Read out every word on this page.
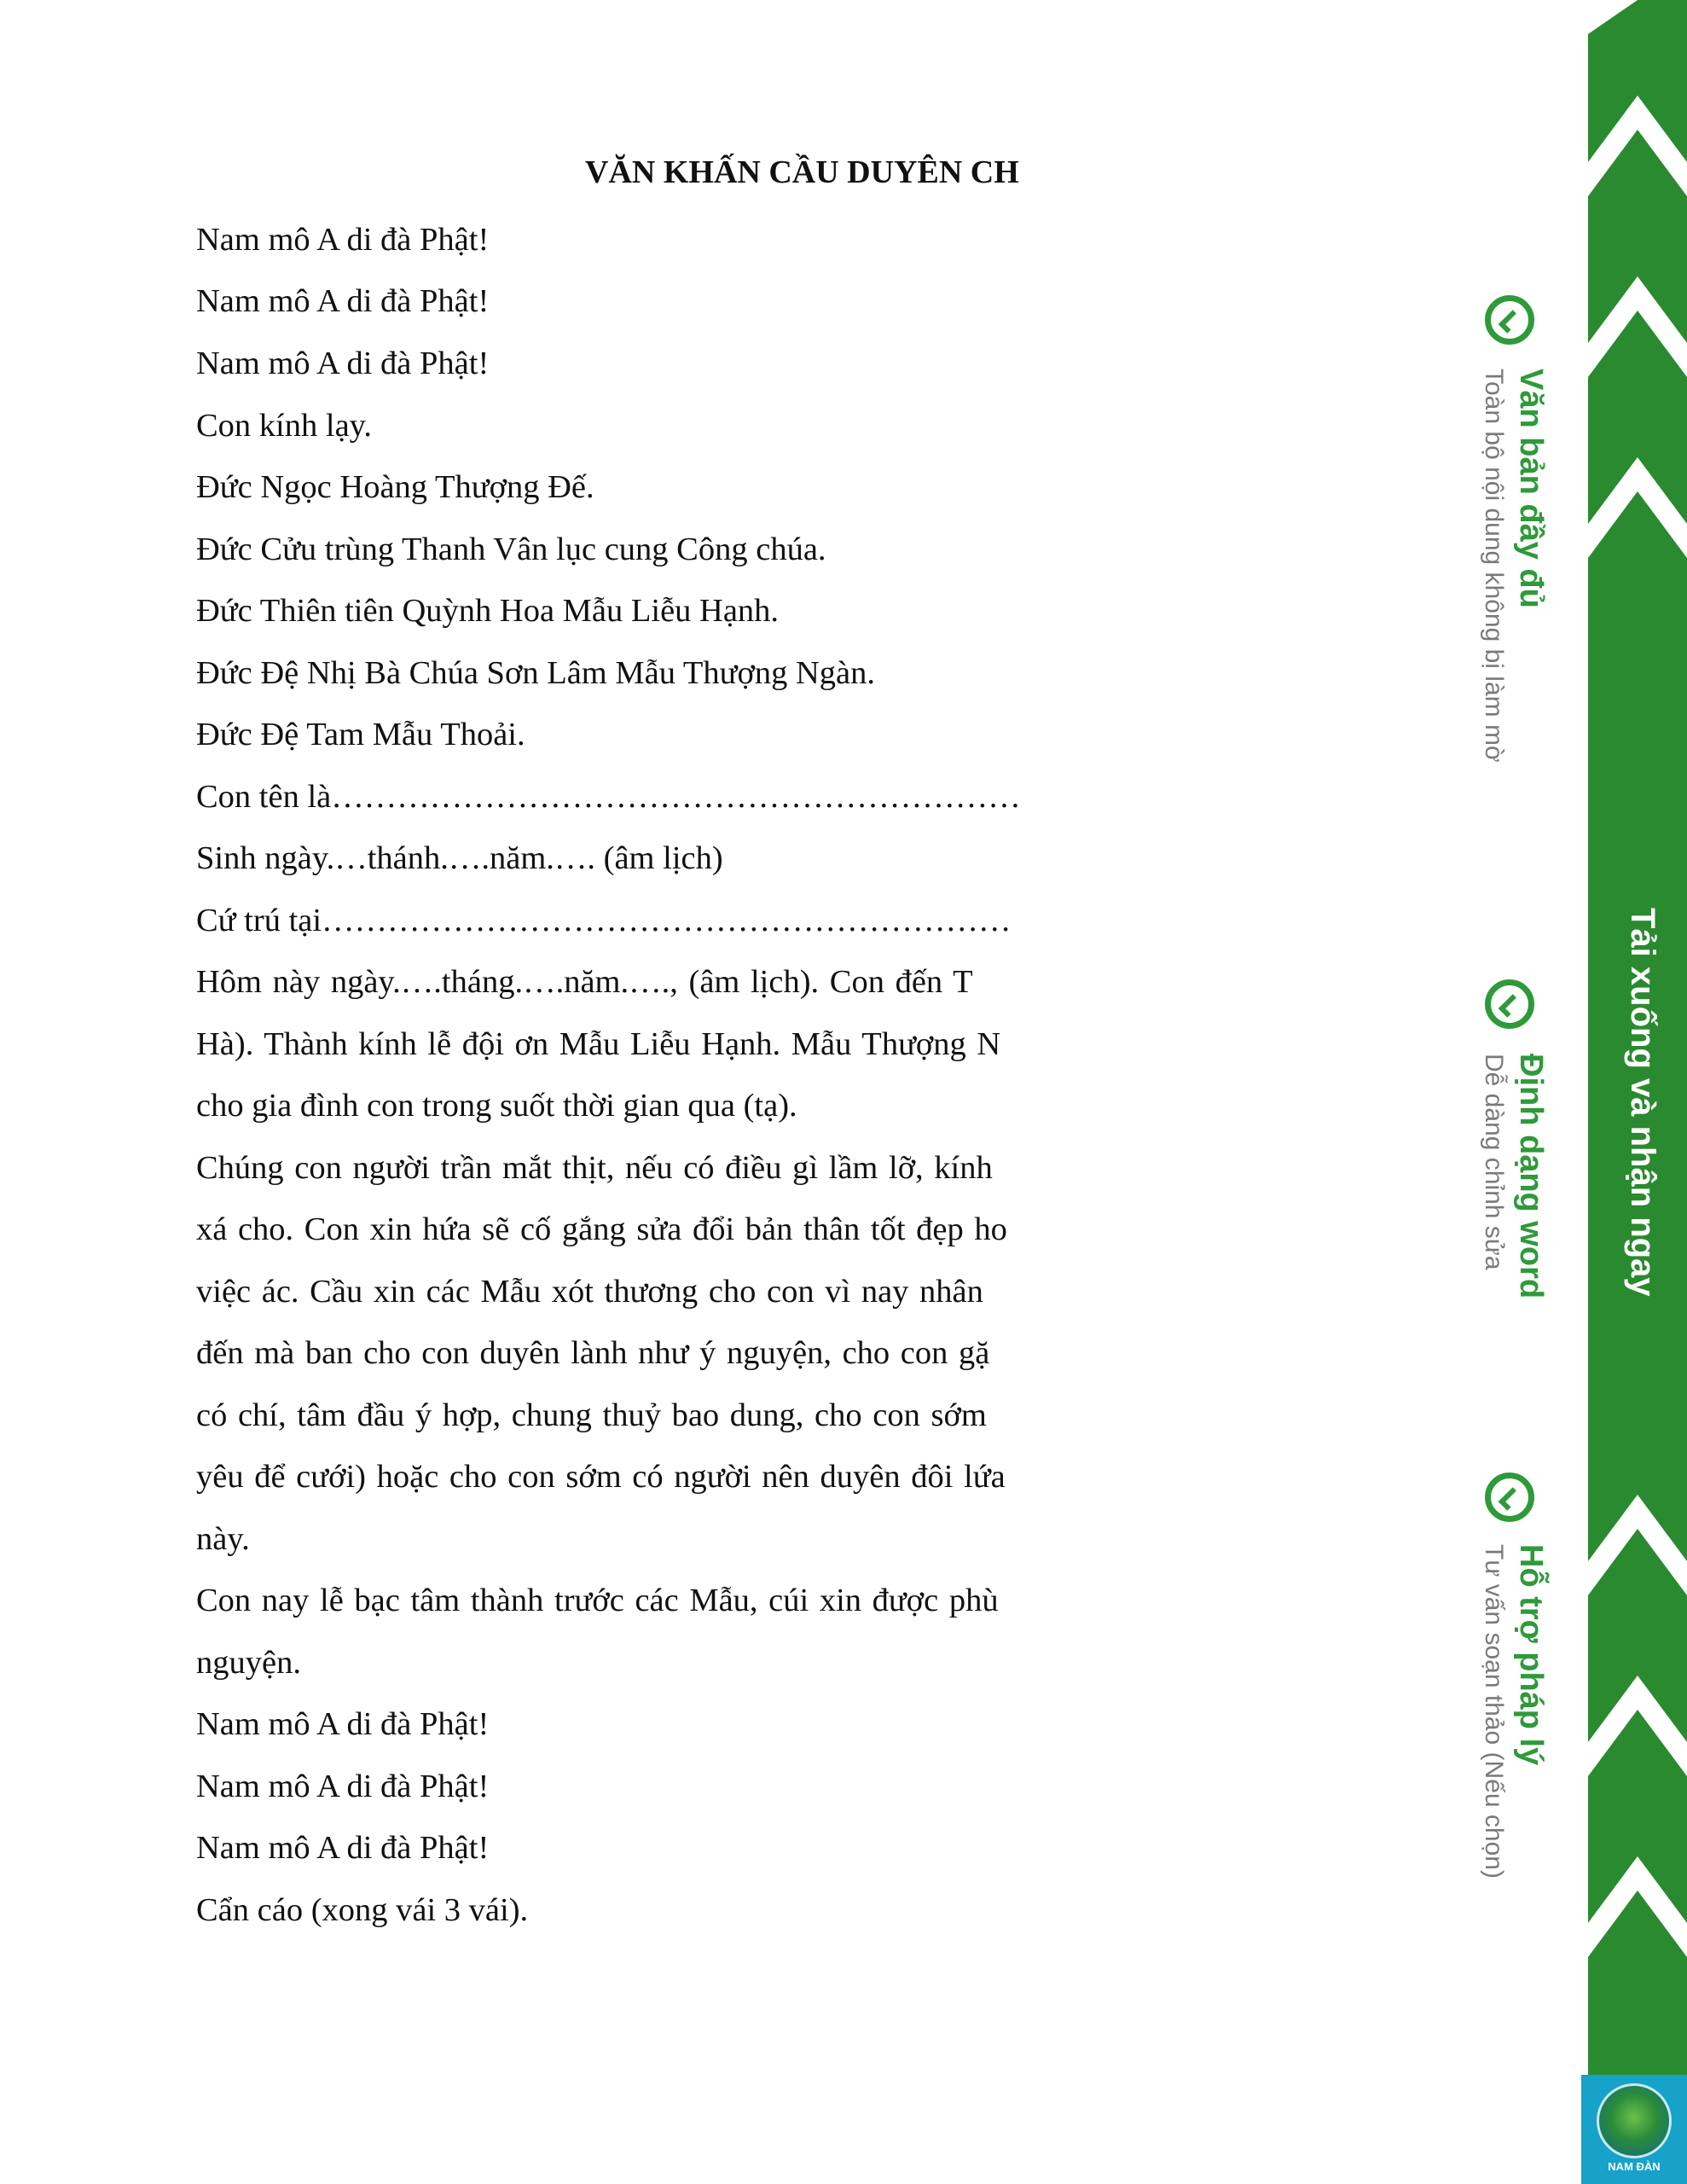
VĂN KHẤN CẦU DUYÊN CH
Nam mô A di đà Phật!
Nam mô A di đà Phật!
Nam mô A di đà Phật!
Con kính lạy.
Đức Ngọc Hoàng Thượng Đế.
Đức Cửu trùng Thanh Vân lục cung Công chúa.
Đức Thiên tiên Quỳnh Hoa Mẫu Liễu Hạnh.
Đức Đệ Nhị Bà Chúa Sơn Lâm Mẫu Thượng Ngàn.
Đức Đệ Tam Mẫu Thoải.
Con tên là………………………………………………………
Sinh ngày.…thánh.….năm.…. (âm lịch)
Cứ trú tại………………………………………………………
Hôm này ngày.….tháng.….năm.…., (âm lịch). Con đến T
Hà). Thành kính lễ đội ơn Mẫu Liễu Hạnh. Mẫu Thượng N
cho gia đình con trong suốt thời gian qua (tạ).
Chúng con người trần mắt thịt, nếu có điều gì lầm lỡ, kính
xá cho. Con xin hứa sẽ cố gắng sửa đổi bản thân tốt đẹp ho
việc ác. Cầu xin các Mẫu xót thương cho con vì nay nhân
đến mà ban cho con duyên lành như ý nguyện, cho con gặ
có chí, tâm đầu ý hợp, chung thuỷ bao dung, cho con sớm
yêu để cưới) hoặc cho con sớm có người nên duyên đôi lứa
này.
Con nay lễ bạc tâm thành trước các Mẫu, cúi xin được phù
nguyện.
Nam mô A di đà Phật!
Nam mô A di đà Phật!
Nam mô A di đà Phật!
Cẩn cáo (xong vái 3 vái).
Văn bản đầy đủ
Toàn bộ nội dung không bị làm mờ
Định dạng word
Dễ dàng chỉnh sửa
Hỗ trợ pháp lý
Tư vấn soạn thảo (Nếu chọn)
Tải xuống và nhận ngay
NAM ĐÀN
